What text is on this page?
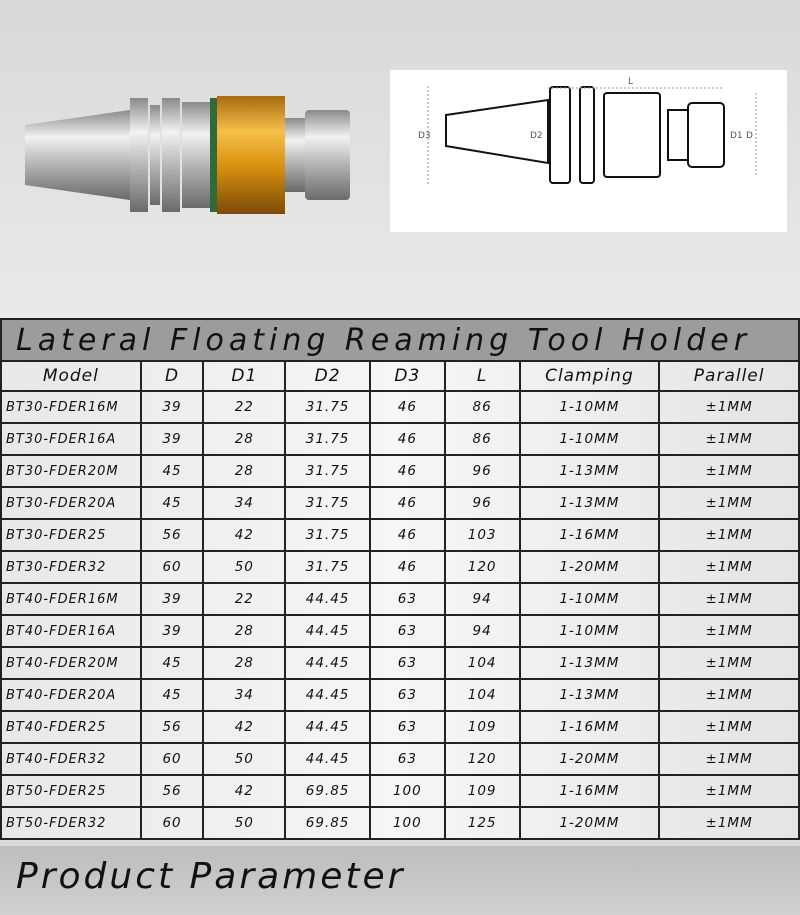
L
D3	D2	D1 D
Lateral Floating Reaming Tool Holder							
Model	D	D1	D2	D3	L	Clamping	Parallel
BT30-FDER16M	39	22	31.75	46	86	1-10MM	±1MM
BT30-FDER16A	39	28	31.75	46	86	1-10MM	±1MM
BT30-FDER20M	45	28	31.75	46	96	1-13MM	±1MM
BT30-FDER20A	45	34	31.75	46	96	1-13MM	±1MM
BT30-FDER25	56	42	31.75	46	103	1-16MM	±1MM
BT30-FDER32	60	50	31.75	46	120	1-20MM	±1MM
BT40-FDER16M	39	22	44.45	63	94	1-10MM	±1MM
BT40-FDER16A	39	28	44.45	63	94	1-10MM	±1MM
BT40-FDER20M	45	28	44.45	63	104	1-13MM	±1MM
BT40-FDER20A	45	34	44.45	63	104	1-13MM	±1MM
BT40-FDER25	56	42	44.45	63	109	1-16MM	±1MM
BT40-FDER32	60	50	44.45	63	120	1-20MM	±1MM
BT50-FDER25	56	42	69.85	100	109	1-16MM	±1MM
BT50-FDER32	60	50	69.85	100	125	1-20MM	±1MM
Product Parameter
